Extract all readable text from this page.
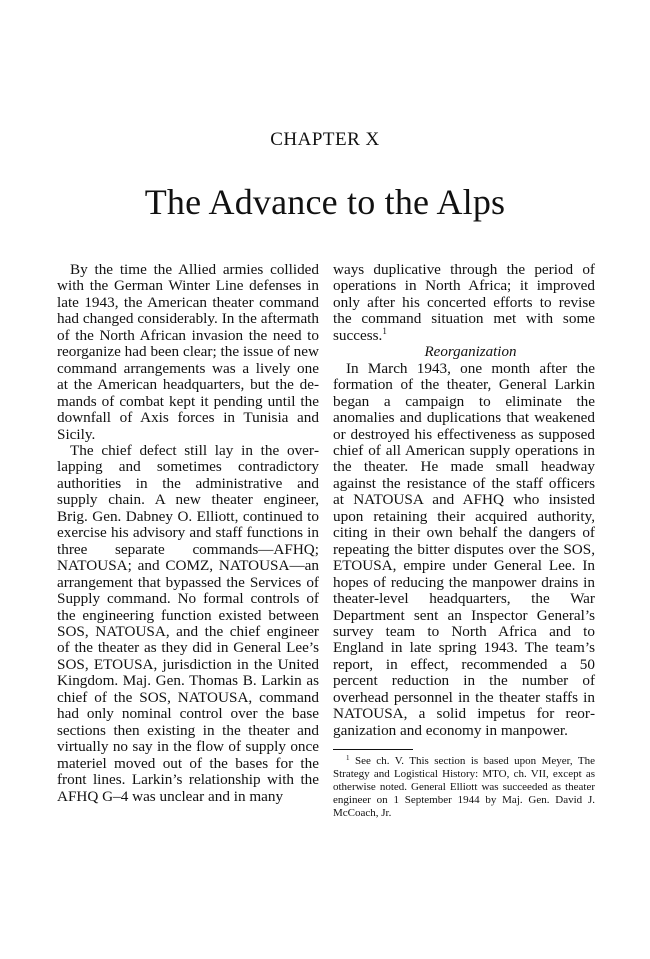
CHAPTER X
The Advance to the Alps

By the time the Allied armies collided with the German Winter Line defenses in late 1943, the American theater command had changed considerably. In the aftermath of the North African invasion the need to reorganize had been clear; the issue of new command arrangements was a lively one at the American headquarters, but the demands of combat kept it pending until the downfall of Axis forces in Tunisia and Sicily.

The chief defect still lay in the overlapping and sometimes contradictory authorities in the administrative and supply chain. A new theater engineer, Brig. Gen. Dabney O. Elliott, continued to exercise his advisory and staff functions in three separate commands—AFHQ; NATOUSA; and COMZ, NATOUSA—an arrangement that bypassed the Services of Supply command. No formal controls of the engineering function existed between SOS, NATOUSA, and the chief engineer of the theater as they did in General Lee’s SOS, ETOUSA, jurisdiction in the United Kingdom. Maj. Gen. Thomas B. Larkin as chief of the SOS, NATOUSA, command had only nominal control over the base sections then existing in the theater and virtually no say in the flow of supply once materiel moved out of the bases for the front lines. Larkin’s relationship with the AFHQ G–4 was unclear and in many

ways duplicative through the period of operations in North Africa; it improved only after his concerted efforts to revise the command situation met with some success.$^1$

Reorganization

In March 1943, one month after the formation of the theater, General Larkin began a campaign to eliminate the anomalies and duplications that weakened or destroyed his effectiveness as supposed chief of all American supply operations in the theater. He made small headway against the resistance of the staff officers at NATOUSA and AFHQ who insisted upon retaining their acquired authority, citing in their own behalf the dangers of repeating the bitter disputes over the SOS, ETOUSA, empire under General Lee. In hopes of reducing the manpower drains in theater-level headquarters, the War Department sent an Inspector General’s survey team to North Africa and to England in late spring 1943. The team’s report, in effect, recommended a 50 percent reduction in the number of overhead personnel in the theater staffs in NATOUSA, a solid impetus for reorganization and economy in manpower.

$^1$ See ch. V. This section is based upon Meyer, The Strategy and Logistical History: MTO, ch. VII, except as otherwise noted. General Elliott was succeeded as theater engineer on 1 September 1944 by Maj. Gen. David J. McCoach, Jr.
